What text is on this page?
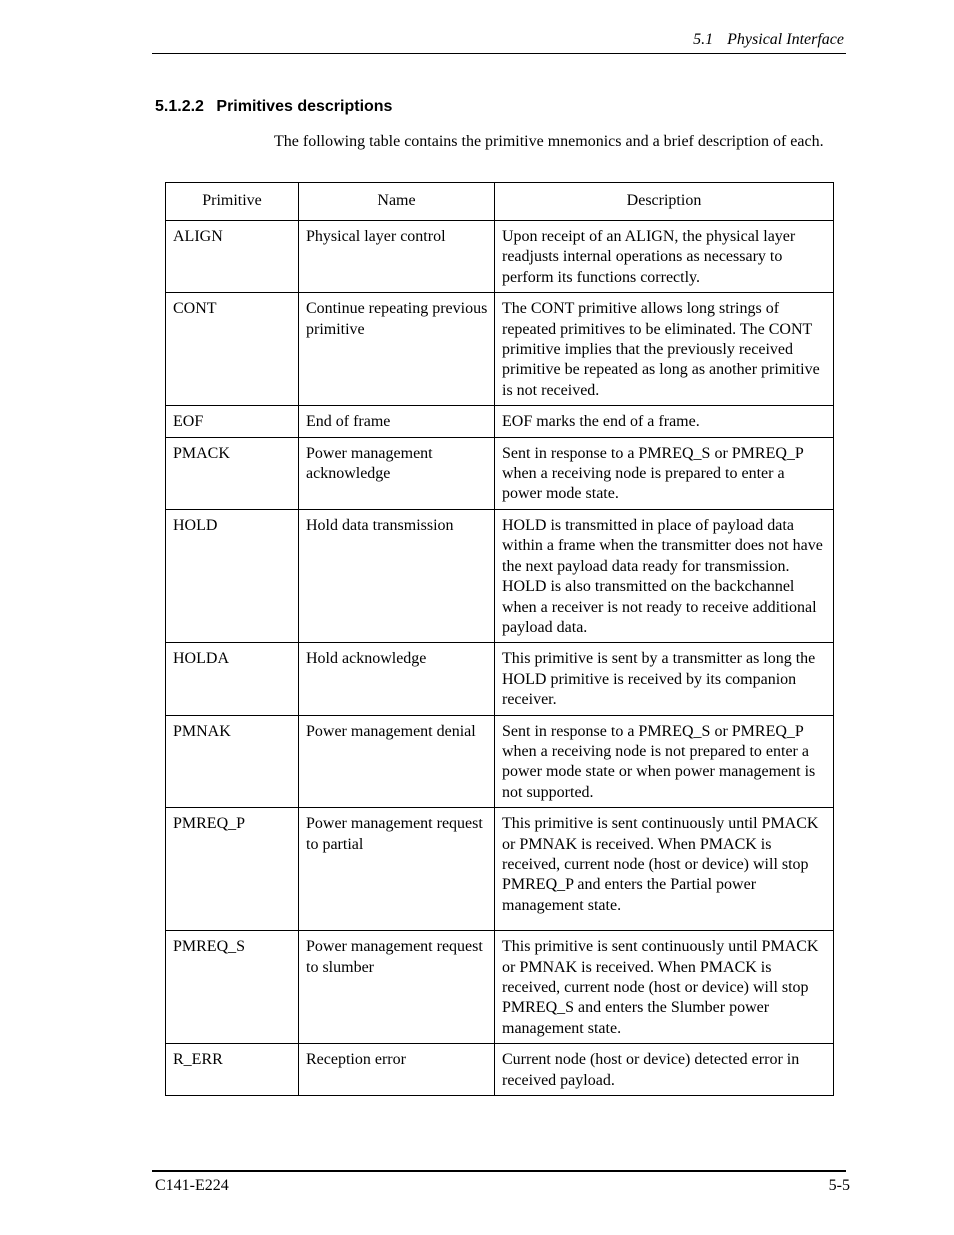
5.1 Physical Interface
5.1.2.2 Primitives descriptions
The following table contains the primitive mnemonics and a brief description of each.
Primitive	Name	Description
ALIGN	Physical layer control	Upon receipt of an ALIGN, the physical layer readjusts internal operations as necessary to perform its functions correctly.
CONT	Continue repeating previous primitive	The CONT primitive allows long strings of repeated primitives to be eliminated. The CONT primitive implies that the previously received primitive be repeated as long as another primitive is not received.
EOF	End of frame	EOF marks the end of a frame.
PMACK	Power management acknowledge	Sent in response to a PMREQ_S or PMREQ_P when a receiving node is prepared to enter a power mode state.
HOLD	Hold data transmission	HOLD is transmitted in place of payload data within a frame when the transmitter does not have the next payload data ready for transmission. HOLD is also transmitted on the backchannel when a receiver is not ready to receive additional payload data.
HOLDA	Hold acknowledge	This primitive is sent by a transmitter as long the HOLD primitive is received by its companion receiver.
PMNAK	Power management denial	Sent in response to a PMREQ_S or PMREQ_P when a receiving node is not prepared to enter a power mode state or when power management is not supported.
PMREQ_P	Power management request to partial	This primitive is sent continuously until PMACK or PMNAK is received. When PMACK is received, current node (host or device) will stop PMREQ_P and enters the Partial power management state.
PMREQ_S	Power management request to slumber	This primitive is sent continuously until PMACK or PMNAK is received. When PMACK is received, current node (host or device) will stop PMREQ_S and enters the Slumber power management state.
R_ERR	Reception error	Current node (host or device) detected error in received payload.
C141-E224	5-5
